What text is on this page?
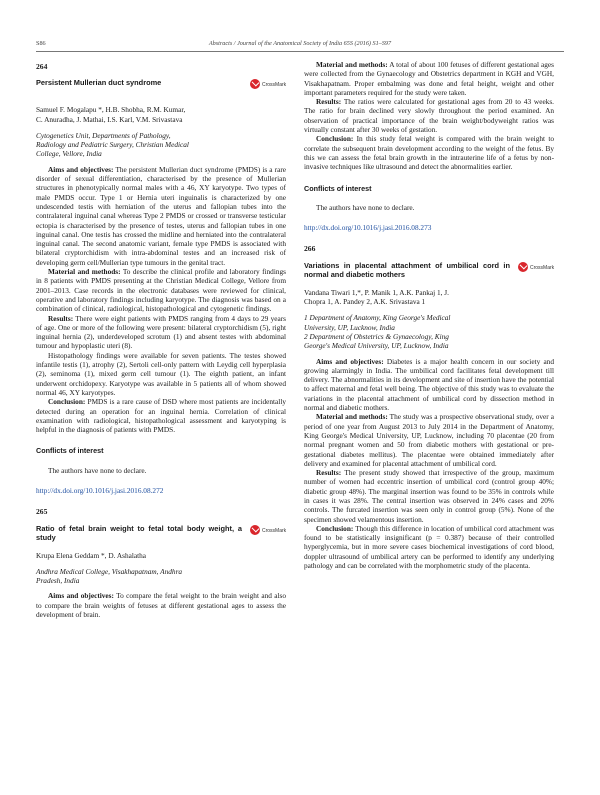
S86	Abstracts / Journal of the Anatomical Society of India 65S (2016) S1–S97
264
Persistent Mullerian duct syndrome	CrossMark
Samuel F. Mogalapu *, H.B. Shobha, R.M. Kumar,
C. Anuradha, J. Mathai, I.S. Karl, V.M. Srivastava
Cytogenetics Unit, Departments of Pathology,
Radiology and Pediatric Surgery, Christian Medical
College, Vellore, India

Aims and objectives: The persistent Mullerian duct syndrome (PMDS) is a rare disorder of sexual differentiation, characterised by the presence of Mullerian structures in phenotypically normal males with a 46, XY karyotype. Two types of male PMDS occur. Type 1 or Hernia uteri inguinalis is characterized by one undescended testis with herniation of the uterus and fallopian tubes into the contralateral inguinal canal whereas Type 2 PMDS or crossed or transverse testicular ectopia is characterised by the presence of testes, uterus and fallopian tubes in one inguinal canal. One testis has crossed the midline and herniated into the contralateral inguinal canal. The second anatomic variant, female type PMDS is associated with bilateral cryptorchidism with intra-abdominal testes and an increased risk of developing germ cell/Mullerian type tumours in the genital tract.

Material and methods: To describe the clinical profile and laboratory findings in 8 patients with PMDS presenting at the Christian Medical College, Vellore from 2001–2013. Case records in the electronic databases were reviewed for clinical, operative and laboratory findings including karyotype. The diagnosis was based on a combination of clinical, radiological, histopathological and cytogenetic findings.

Results: There were eight patients with PMDS ranging from 4 days to 29 years of age. One or more of the following were present: bilateral cryptorchidism (5), right inguinal hernia (2), underdeveloped scrotum (1) and absent testes with abdominal tumour and hypoplastic uteri (8).

Histopathology findings were available for seven patients. The testes showed infantile testis (1), atrophy (2), Sertoli cell-only pattern with Leydig cell hyperplasia (2), seminoma (1), mixed germ cell tumour (1). The eighth patient, an infant underwent orchidopexy. Karyotype was available in 5 patients all of whom showed normal 46, XY karyotypes.

Conclusion: PMDS is a rare cause of DSD where most patients are incidentally detected during an operation for an inguinal hernia. Correlation of clinical examination with radiological, histopathological assessment and karyotyping is helpful in the diagnosis of patients with PMDS.

Conflicts of interest
The authors have none to declare.
http://dx.doi.org/10.1016/j.jasi.2016.08.272
265
Ratio of fetal brain weight to fetal total body weight, a study
CrossMark
Krupa Elena Geddam *, D. Ashalatha
Andhra Medical College, Visakhapatnam, Andhra
Pradesh, India

Aims and objectives: To compare the fetal weight to the brain weight and also to compare the brain weights of fetuses at different gestational ages to assess the development of brain.

Material and methods: A total of about 100 fetuses of different gestational ages were collected from the Gynaecology and Obstetrics department in KGH and VGH, Visakhapatnam. Proper embalming was done and fetal height, weight and other important parameters required for the study were taken.

Results: The ratios were calculated for gestational ages from 20 to 43 weeks. The ratio for brain declined very slowly throughout the period examined. An observation of practical importance of the brain weight/bodyweight ratios was virtually constant after 30 weeks of gestation.

Conclusion: In this study fetal weight is compared with the brain weight to correlate the subsequent brain development according to the weight of the fetus. By this we can assess the fetal brain growth in the intrauterine life of a fetus by non-invasive techniques like ultrasound and detect the abnormalities earlier.

Conflicts of interest
The authors have none to declare.
http://dx.doi.org/10.1016/j.jasi.2016.08.273
266
Variations in placental attachment of umbilical cord in normal and diabetic mothers
CrossMark
Vandana Tiwari 1,*, P. Manik 1, A.K. Pankaj 1, J.
Chopra 1, A. Pandey 2, A.K. Srivastava 1
1 Department of Anatomy, King George's Medical
University, UP, Lucknow, India
2 Department of Obstetrics & Gynaecology, King
George's Medical University, UP, Lucknow, India

Aims and objectives: Diabetes is a major health concern in our society and growing alarmingly in India. The umbilical cord facilitates fetal development till delivery. The abnormalities in its development and site of insertion have the potential to affect maternal and fetal well being. The objective of this study was to evaluate the variations in the placental attachment of umbilical cord by dissection method in normal and diabetic mothers.

Material and methods: The study was a prospective observational study, over a period of one year from August 2013 to July 2014 in the Department of Anatomy, King George's Medical University, UP, Lucknow, including 70 placentae (20 from normal pregnant women and 50 from diabetic mothers with gestational or pre-gestational diabetes mellitus). The placentae were obtained immediately after delivery and examined for placental attachment of umbilical cord.

Results: The present study showed that irrespective of the group, maximum number of women had eccentric insertion of umbilical cord (control group 40%; diabetic group 48%). The marginal insertion was found to be 35% in controls while in cases it was 28%. The central insertion was observed in 24% cases and 20% controls. The furcated insertion was seen only in control group (5%). None of the specimen showed velamentous insertion.

Conclusion: Though this difference in location of umbilical cord attachment was found to be statistically insignificant (p = 0.387) because of their controlled hyperglycemia, but in more severe cases biochemical investigations of cord blood, doppler ultrasound of umbilical artery can be performed to identify any underlying pathology and can be correlated with the morphometric study of the placenta.
